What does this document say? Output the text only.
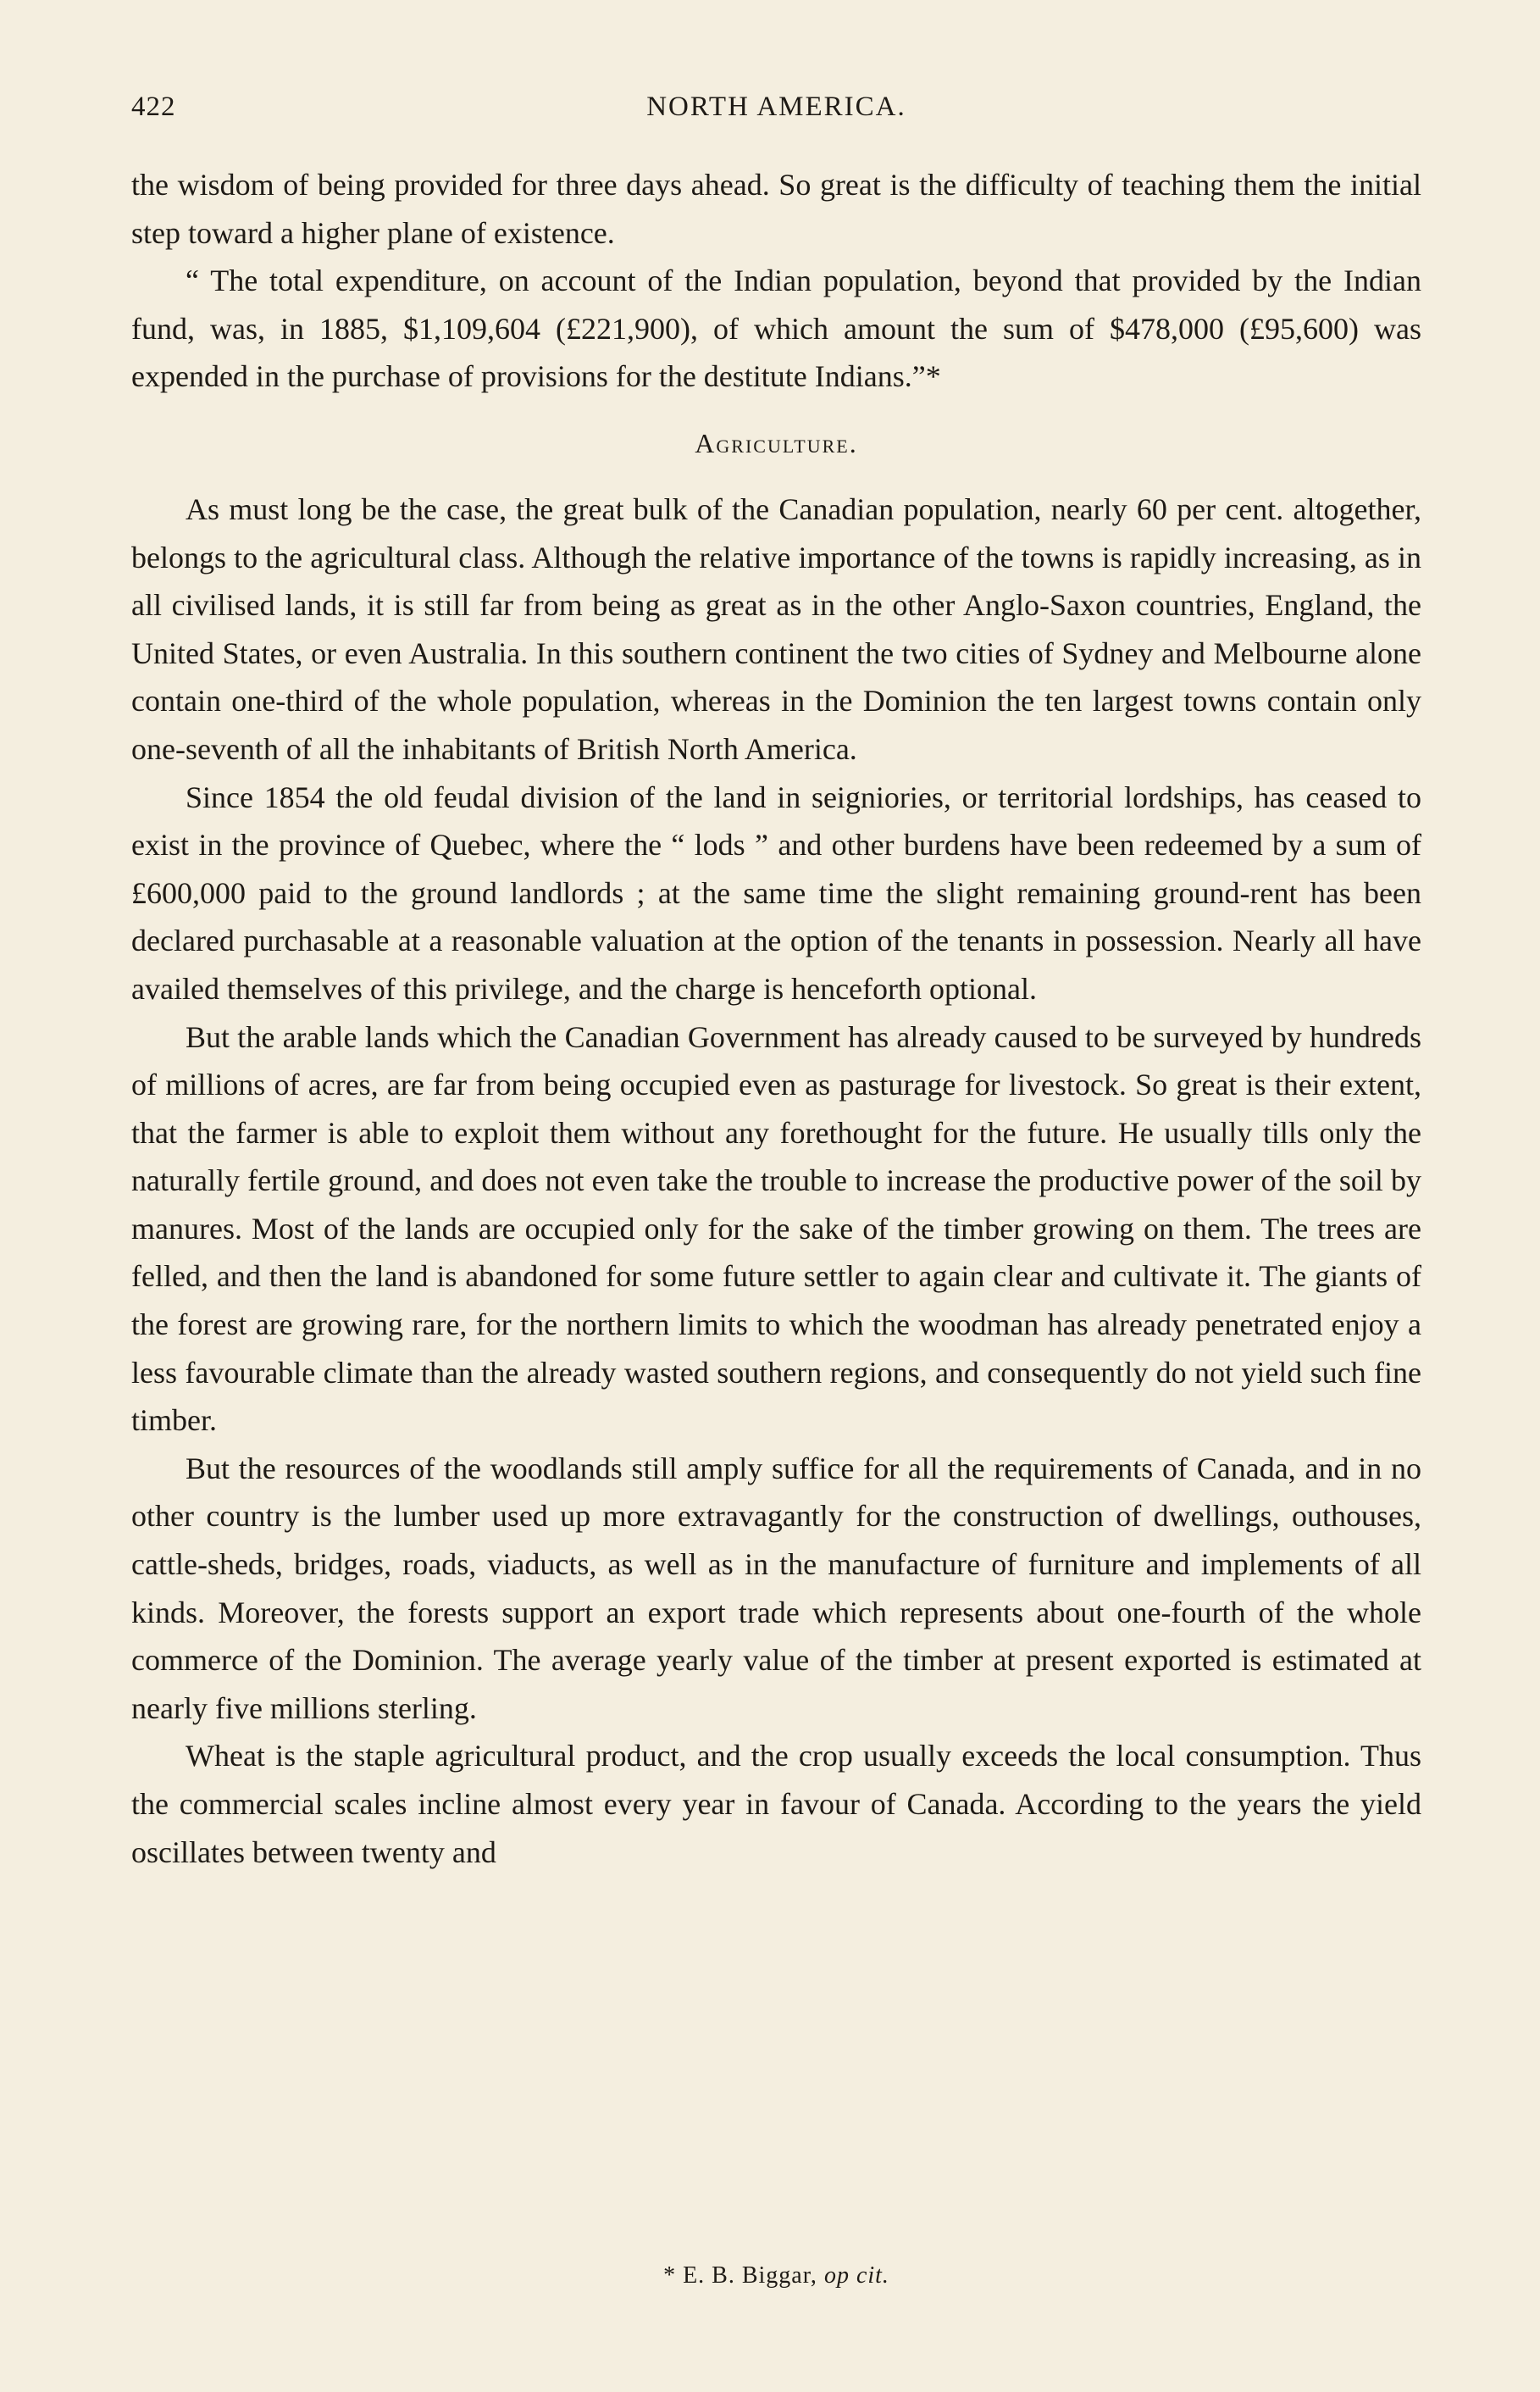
422	NORTH AMERICA.

the wisdom of being provided for three days ahead. So great is the difficulty of teaching them the initial step toward a higher plane of existence.

“ The total expenditure, on account of the Indian population, beyond that provided by the Indian fund, was, in 1885, $1,109,604 (£221,900), of which amount the sum of $478,000 (£95,600) was expended in the purchase of provisions for the destitute Indians.”*

Agriculture.

As must long be the case, the great bulk of the Canadian population, nearly 60 per cent. altogether, belongs to the agricultural class. Although the relative importance of the towns is rapidly increasing, as in all civilised lands, it is still far from being as great as in the other Anglo-Saxon countries, England, the United States, or even Australia. In this southern continent the two cities of Sydney and Melbourne alone contain one-third of the whole population, whereas in the Dominion the ten largest towns contain only one-seventh of all the inhabitants of British North America.

Since 1854 the old feudal division of the land in seigniories, or territorial lordships, has ceased to exist in the province of Quebec, where the “ lods ” and other burdens have been redeemed by a sum of £600,000 paid to the ground landlords ; at the same time the slight remaining ground-rent has been declared purchasable at a reasonable valuation at the option of the tenants in possession. Nearly all have availed themselves of this privilege, and the charge is henceforth optional.

But the arable lands which the Canadian Government has already caused to be surveyed by hundreds of millions of acres, are far from being occupied even as pasturage for livestock. So great is their extent, that the farmer is able to exploit them without any forethought for the future. He usually tills only the naturally fertile ground, and does not even take the trouble to increase the productive power of the soil by manures. Most of the lands are occupied only for the sake of the timber growing on them. The trees are felled, and then the land is abandoned for some future settler to again clear and cultivate it. The giants of the forest are growing rare, for the northern limits to which the woodman has already penetrated enjoy a less favourable climate than the already wasted southern regions, and consequently do not yield such fine timber.

But the resources of the woodlands still amply suffice for all the requirements of Canada, and in no other country is the lumber used up more extravagantly for the construction of dwellings, outhouses, cattle-sheds, bridges, roads, viaducts, as well as in the manufacture of furniture and implements of all kinds. Moreover, the forests support an export trade which represents about one-fourth of the whole commerce of the Dominion. The average yearly value of the timber at present exported is estimated at nearly five millions sterling.

Wheat is the staple agricultural product, and the crop usually exceeds the local consumption. Thus the commercial scales incline almost every year in favour of Canada. According to the years the yield oscillates between twenty and

* E. B. Biggar, op cit.
